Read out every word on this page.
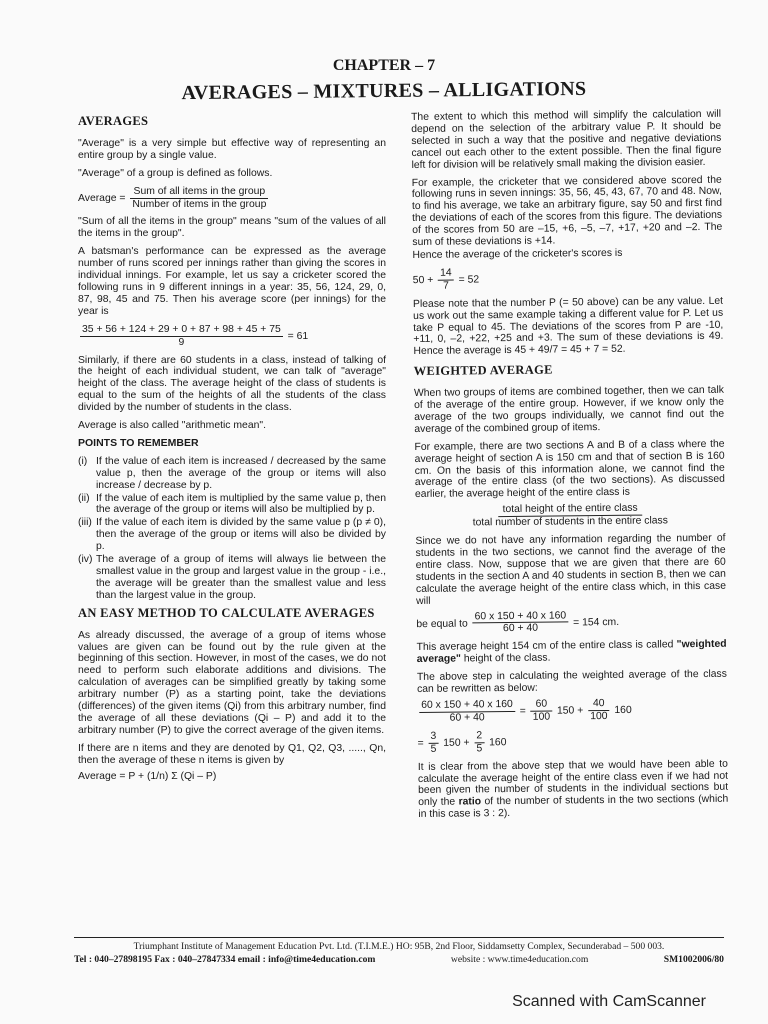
CHAPTER – 7
AVERAGES – MIXTURES – ALLIGATIONS
AVERAGES

"Average" is a very simple but effective way of representing an entire group by a single value.

"Average" of a group is defined as follows.

Average = $\frac{\text{Sum of all items in the group}}{\text{Number of items in the group}}$

"Sum of all the items in the group" means "sum of the values of all the items in the group".

A batsman's performance can be expressed as the average number of runs scored per innings rather than giving the scores in individual innings. For example, let us say a cricketer scored the following runs in 9 different innings in a year: 35, 56, 124, 29, 0, 87, 98, 45 and 75. Then his average score (per innings) for the year is

$\frac{35 + 56 + 124 + 29 + 0 + 87 + 98 + 45 + 75}{9} = 61$

Similarly, if there are 60 students in a class, instead of talking of the height of each individual student, we can talk of "average" height of the class. The average height of the class of students is equal to the sum of the heights of all the students of the class divided by the number of students in the class.

Average is also called "arithmetic mean".

POINTS TO REMEMBER
(i) If the value of each item is increased / decreased by the same value p, then the average of the group or items will also increase / decrease by p.
(ii) If the value of each item is multiplied by the same value p, then the average of the group or items will also be multiplied by p.
(iii) If the value of each item is divided by the same value p (p ≠ 0), then the average of the group or items will also be divided by p.
(iv) The average of a group of items will always lie between the smallest value in the group and largest value in the group - i.e., the average will be greater than the smallest value and less than the largest value in the group.
AN EASY METHOD TO CALCULATE AVERAGES

As already discussed, the average of a group of items whose values are given can be found out by the rule given at the beginning of this section. However, in most of the cases, we do not need to perform such elaborate additions and divisions. The calculation of averages can be simplified greatly by taking some arbitrary number (P) as a starting point, take the deviations (differences) of the given items (Qi) from this arbitrary number, find the average of all these deviations (Qi – P) and add it to the arbitrary number (P) to give the correct average of the given items.

If there are n items and they are denoted by Q1, Q2, Q3, ....., Qn, then the average of these n items is given by

Average = P + (1/n) Σ (Qi – P)

The extent to which this method will simplify the calculation will depend on the selection of the arbitrary value P. It should be selected in such a way that the positive and negative deviations cancel out each other to the extent possible. Then the final figure left for division will be relatively small making the division easier.

For example, the cricketer that we considered above scored the following runs in seven innings: 35, 56, 45, 43, 67, 70 and 48. Now, to find his average, we take an arbitrary figure, say 50 and first find the deviations of each of the scores from this figure. The deviations of the scores from 50 are –15, +6, –5, –7, +17, +20 and –2. The sum of these deviations is +14.

Hence the average of the cricketer's scores is

$50 + \frac{14}{7} = 52$

Please note that the number P (= 50 above) can be any value. Let us work out the same example taking a different value for P. Let us take P equal to 45. The deviations of the scores from P are -10, +11, 0, –2, +22, +25 and +3. The sum of these deviations is 49. Hence the average is 45 + 49/7 = 45 + 7 = 52.

WEIGHTED AVERAGE

When two groups of items are combined together, then we can talk of the average of the entire group. However, if we know only the average of the two groups individually, we cannot find out the average of the combined group of items.

For example, there are two sections A and B of a class where the average height of section A is 150 cm and that of section B is 160 cm. On the basis of this information alone, we cannot find the average of the entire class (of the two sections). As discussed earlier, the average height of the entire class is

total height of the entire class
total number of students in the entire class

Since we do not have any information regarding the number of students in the two sections, we cannot find the average of the entire class. Now, suppose that we are given that there are 60 students in the section A and 40 students in section B, then we can calculate the average height of the entire class which, in this case will

be equal to $\frac{60 x 150 + 40 x 160}{60 + 40} = 154$ cm.

This average height 154 cm of the entire class is called "weighted average" height of the class.

The above step in calculating the weighted average of the class can be rewritten as below:

$\frac{60 x 150 + 40 x 160}{60 + 40} = \frac{60}{100} 150 + \frac{40}{100} 160$
= $\frac{3}{5} 150 + \frac{2}{5} 160$

It is clear from the above step that we would have been able to calculate the average height of the entire class even if we had not been given the number of students in the individual sections but only the ratio of the number of students in the two sections (which in this case is 3 : 2).

Triumphant Institute of Management Education Pvt. Ltd. (T.I.M.E.) HO: 95B, 2nd Floor, Siddamsetty Complex, Secunderabad – 500 003.
Tel : 040–27898195 Fax : 040–27847334 email : info@time4education.com	website : www.time4education.com	SM1002006/80
Scanned with CamScanner
